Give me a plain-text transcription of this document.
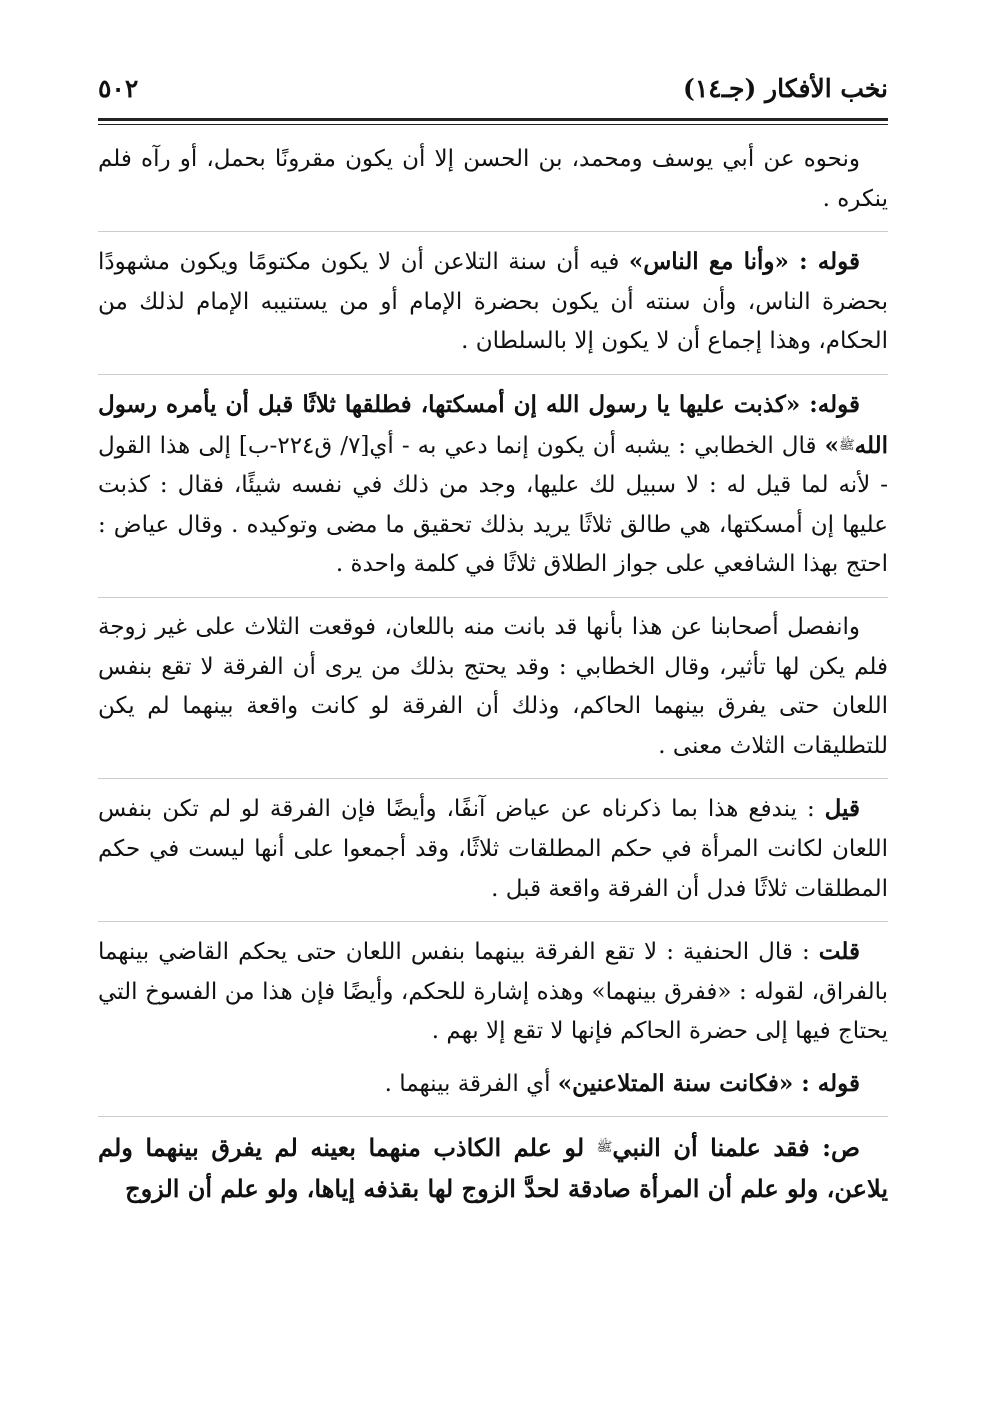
٥٠٢	نخب الأفكار (جـ١٤)

ونحوه عن أبي يوسف ومحمد، بن الحسن إلا أن يكون مقرونًا بحمل، أو رآه فلم ينكره .

قوله : «وأنا مع الناس» فيه أن سنة التلاعن أن لا يكون مكتومًا ويكون مشهودًا بحضرة الناس، وأن سنته أن يكون بحضرة الإمام أو من يستنيبه الإمام لذلك من الحكام، وهذا إجماع أن لا يكون إلا بالسلطان .

قوله: «كذبت عليها يا رسول الله إن أمسكتها، فطلقها ثلاثًا قبل أن يأمره رسول الله$^ﷺ$» قال الخطابي : يشبه أن يكون إنما دعي به - أي[٧/ ق٢٢٤-ب] إلى هذا القول - لأنه لما قيل له : لا سبيل لك عليها، وجد من ذلك في نفسه شيئًا، فقال : كذبت عليها إن أمسكتها، هي طالق ثلاثًا يريد بذلك تحقيق ما مضى وتوكيده . وقال عياض : احتج بهذا الشافعي على جواز الطلاق ثلاثًا في كلمة واحدة .

وانفصل أصحابنا عن هذا بأنها قد بانت منه باللعان، فوقعت الثلاث على غير زوجة فلم يكن لها تأثير، وقال الخطابي : وقد يحتج بذلك من يرى أن الفرقة لا تقع بنفس اللعان حتى يفرق بينهما الحاكم، وذلك أن الفرقة لو كانت واقعة بينهما لم يكن للتطليقات الثلاث معنى .

قيل : يندفع هذا بما ذكرناه عن عياض آنفًا، وأيضًا فإن الفرقة لو لم تكن بنفس اللعان لكانت المرأة في حكم المطلقات ثلاثًا، وقد أجمعوا على أنها ليست في حكم المطلقات ثلاثًا فدل أن الفرقة واقعة قبل .

قلت : قال الحنفية : لا تقع الفرقة بينهما بنفس اللعان حتى يحكم القاضي بينهما بالفراق، لقوله : «ففرق بينهما» وهذه إشارة للحكم، وأيضًا فإن هذا من الفسوخ التي يحتاج فيها إلى حضرة الحاكم فإنها لا تقع إلا بهم .

قوله : «فكانت سنة المتلاعنين» أي الفرقة بينهما .

ص: فقد علمنا أن النبي$^ﷺ$ لو علم الكاذب منهما بعينه لم يفرق بينهما ولم يلاعن، ولو علم أن المرأة صادقة لحدَّ الزوج لها بقذفه إياها، ولو علم أن الزوج
